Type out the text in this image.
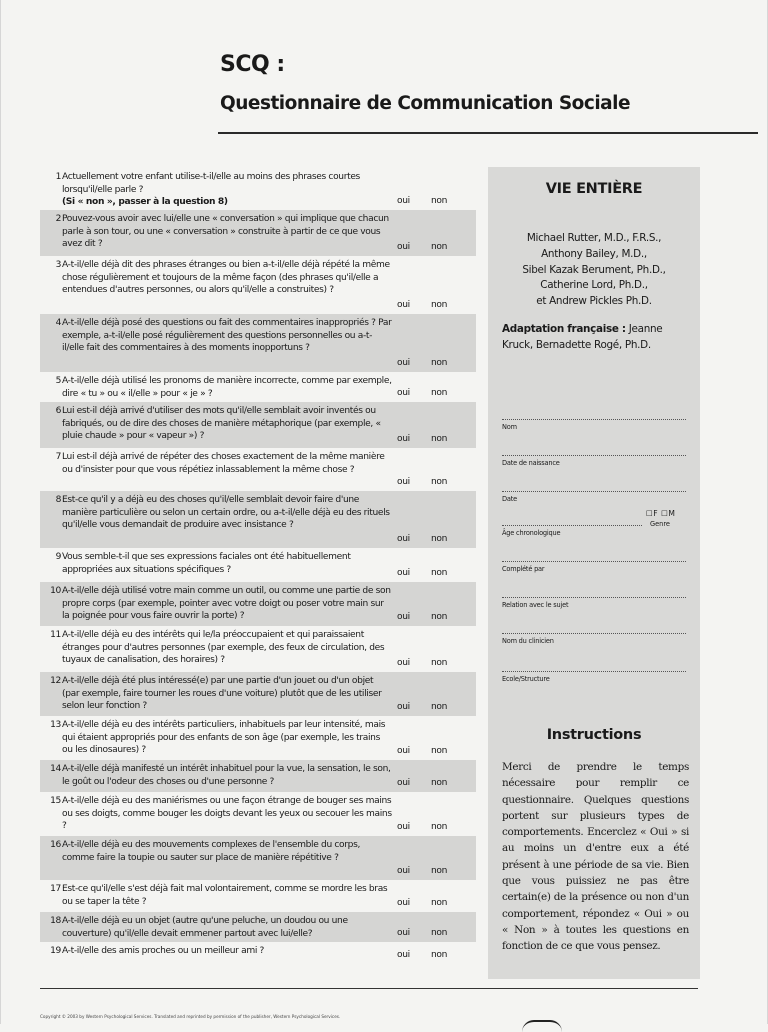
SCQ :
Questionnaire de Communication Sociale
1 Actuellement votre enfant utilise-t-il/elle au moins des phrases courtes lorsqu'il/elle parle ?
(Si « non », passer à la question 8)	oui non
2 Pouvez-vous avoir avec lui/elle une « conversation » qui implique que chacun parle à son tour, ou une « conversation » construite à partir de ce que vous avez dit ?	oui non
3 A-t-il/elle déjà dit des phrases étranges ou bien a-t-il/elle déjà répété la même chose régulièrement et toujours de la même façon (des phrases qu'il/elle a entendues d'autres personnes, ou alors qu'il/elle a construites) ?
oui non
4 A-t-il/elle déjà posé des questions ou fait des commentaires inappropriés ? Par exemple, a-t-il/elle posé régulièrement des questions personnelles ou a-t-il/elle fait des commentaires à des moments inopportuns ?
oui non
5 A-t-il/elle déjà utilisé les pronoms de manière incorrecte, comme par exemple, dire « tu » ou « il/elle » pour « je » ?	oui non
6 Lui est-il déjà arrivé d'utiliser des mots qu'il/elle semblait avoir inventés ou fabriqués, ou de dire des choses de manière métaphorique (par exemple, « pluie chaude » pour « vapeur ») ?	oui non
7 Lui est-il déjà arrivé de répéter des choses exactement de la même manière ou d'insister pour que vous répétiez inlassablement la même chose ?
oui non
8 Est-ce qu'il y a déjà eu des choses qu'il/elle semblait devoir faire d'une manière particulière ou selon un certain ordre, ou a-t-il/elle déjà eu des rituels qu'il/elle vous demandait de produire avec insistance ?
oui non
9 Vous semble-t-il que ses expressions faciales ont été habituellement appropriées aux situations spécifiques ?	oui non
10 A-t-il/elle déjà utilisé votre main comme un outil, ou comme une partie de son propre corps (par exemple, pointer avec votre doigt ou poser votre main sur la poignée pour vous faire ouvrir la porte) ?	oui non
11 A-t-il/elle déjà eu des intérêts qui le/la préoccupaient et qui paraissaient étranges pour d'autres personnes (par exemple, des feux de circulation, des tuyaux de canalisation, des horaires) ?	oui non
12 A-t-il/elle déjà été plus intéressé(e) par une partie d'un jouet ou d'un objet (par exemple, faire tourner les roues d'une voiture) plutôt que de les utiliser selon leur fonction ?	oui non
13 A-t-il/elle déjà eu des intérêts particuliers, inhabituels par leur intensité, mais qui étaient appropriés pour des enfants de son âge (par exemple, les trains ou les dinosaures) ?	oui non
14 A-t-il/elle déjà manifesté un intérêt inhabituel pour la vue, la sensation, le son, le goût ou l'odeur des choses ou d'une personne ?	oui non
15 A-t-il/elle déjà eu des maniérismes ou une façon étrange de bouger ses mains ou ses doigts, comme bouger les doigts devant les yeux ou secouer les mains ?	oui non
16 A-t-il/elle déjà eu des mouvements complexes de l'ensemble du corps, comme faire la toupie ou sauter sur place de manière répétitive ?
oui non
17 Est-ce qu'il/elle s'est déjà fait mal volontairement, comme se mordre les bras ou se taper la tête ?	oui non
18 A-t-il/elle déjà eu un objet (autre qu'une peluche, un doudou ou une couverture) qu'il/elle devait emmener partout avec lui/elle?	oui non
19 A-t-il/elle des amis proches ou un meilleur ami ?	oui non
VIE ENTIÈRE
Michael Rutter, M.D., F.R.S.,
Anthony Bailey, M.D.,
Sibel Kazak Berument, Ph.D.,
Catherine Lord, Ph.D.,
et Andrew Pickles Ph.D.
Adaptation française : Jeanne Kruck, Bernadette Rogé, Ph.D.
Nom
Date de naissance
Date
Âge chronologique
☐F ☐M
Genre
Complété par
Relation avec le sujet
Nom du clinicien
Ecole/Structure
Instructions
Merci de prendre le temps nécessaire pour remplir ce questionnaire. Quelques questions portent sur plusieurs types de comportements. Encerclez « Oui » si au moins un d'entre eux a été présent à une période de sa vie. Bien que vous puissiez ne pas être certain(e) de la présence ou non d'un comportement, répondez « Oui » ou « Non » à toutes les questions en fonction de ce que vous pensez.
Copyright © 2003 by Western Psychological Services. Translated and reprinted by permission of the publisher, Western Psychological Services.
